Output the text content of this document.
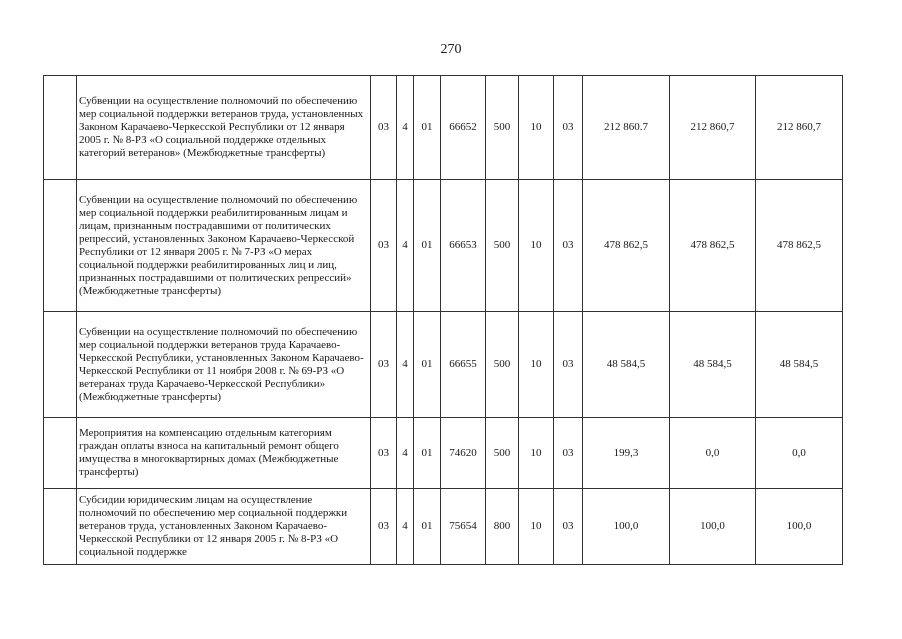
270
	Субвенции на осуществление полномочий по обеспечению мер социальной поддержки ветеранов труда, установленных Законом Карачаево-Черкесской Республики от 12 января 2005 г. № 8-РЗ «О социальной поддержке отдельных категорий ветеранов» (Межбюджетные трансферты)	03	4	01	66652	500	10	03	212 860.7	212 860,7	212 860,7
	Субвенции на осуществление полномочий по обеспечению мер социальной поддержки реабилитированным лицам и лицам, признанным пострадавшими от политических репрессий, установленных Законом Карачаево-Черкесской Республики от 12 января 2005 г. № 7-РЗ «О мерах социальной поддержки реабилитированных лиц и лиц, признанных пострадавшими от политических репрессий» (Межбюджетные трансферты)	03	4	01	66653	500	10	03	478 862,5	478 862,5	478 862,5
	Субвенции на осуществление полномочий по обеспечению мер социальной поддержки ветеранов труда Карачаево-Черкесской Республики, установленных Законом Карачаево-Черкесской Республики от 11 ноября 2008 г. № 69-РЗ «О ветеранах труда Карачаево-Черкесской Республики» (Межбюджетные трансферты)	03	4	01	66655	500	10	03	48 584,5	48 584,5	48 584,5
	Мероприятия на компенсацию отдельным категориям граждан оплаты взноса на капитальный ремонт общего имущества в многоквартирных домах (Межбюджетные трансферты)	03	4	01	74620	500	10	03	199,3	0,0	0,0
	Субсидии юридическим лицам на осуществление полномочий по обеспечению мер социальной поддержки ветеранов труда, установленных Законом Карачаево-Черкесской Республики от 12 января 2005 г. № 8-РЗ «О социальной поддержке	03	4	01	75654	800	10	03	100,0	100,0	100,0
